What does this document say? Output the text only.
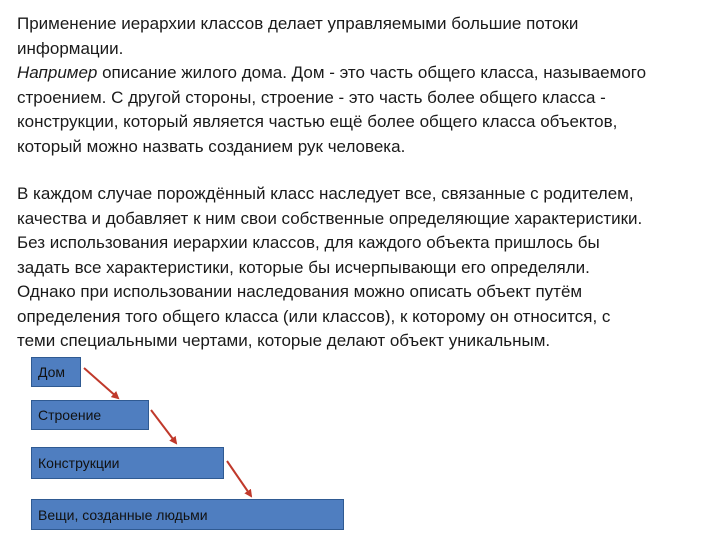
Применение иерархии классов делает управляемыми большие потоки
информации.
Например описание жилого дома. Дом - это часть общего класса, называемого
строением. С другой стороны, строение - это часть более общего класса -
конструкции, который является частью ещё более общего класса объектов,
который можно назвать созданием рук человека.
В каждом случае порождённый класс наследует все, связанные с родителем,
качества и добавляет к ним свои собственные определяющие характеристики.
Без использования иерархии классов, для каждого объекта пришлось бы
задать все характеристики, которые бы исчерпывающи его определяли.
Однако при использовании наследования можно описать объект путём
определения того общего класса (или классов), к которому он относится, с
теми специальными чертами, которые делают объект уникальным.
Дом
Строение
Конструкции
Вещи, созданные людьми
